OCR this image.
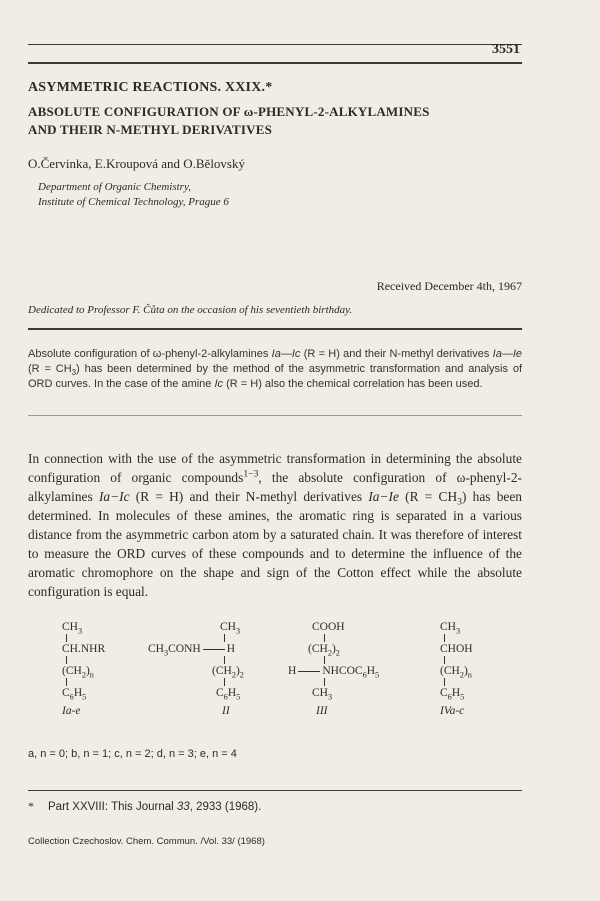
3551
ASYMMETRIC REACTIONS. XXIX.*
ABSOLUTE CONFIGURATION OF ω-PHENYL-2-ALKYLAMINES
AND THEIR N-METHYL DERIVATIVES
O.Červinka, E.Kroupová and O.Bělovský
Department of Organic Chemistry,
Institute of Chemical Technology, Prague 6
Received December 4th, 1967
Dedicated to Professor F. Čůta on the occasion of his seventieth birthday.
Absolute configuration of ω-phenyl-2-alkylamines Ia—Ic (R = H) and their N-methyl derivatives Ia—Ie $(R = CH_3)$ has been determined by the method of the asymmetric transformation and analysis of ORD curves. In the case of the amine Ic (R = H) also the chemical correlation has been used.
In connection with the use of the asymmetric transformation in determining the absolute configuration of organic compounds$^{1-3}$, the absolute configuration of ω-phenyl-2-alkylamines Ia−Ic (R = H) and their N-methyl derivatives Ia−Ie $(R = CH_3)$ has been determined. In molecules of these amines, the aromatic ring is separated in a various distance from the asymmetric carbon atom by a saturated chain. It was therefore of interest to measure the ORD curves of these compounds and to determine the influence of the aromatic chromophore on the shape and sign of the Cotton effect while the absolute configuration is equal.
$CH_3$
CH.NHR
$(CH_2)_n$
$C_6H_5$
Ia-e
$CH_3$
$CH_3CONH$ H
$(CH_2)_2$
$C_6H_5$
II
COOH
$(CH_2)_2$
H $NHCOC_6H_5$
$CH_3$
III
$CH_3$
CHOH
$(CH_2)_n$
$C_6H_5$
IVa-c
a, n = 0; b, n = 1; c, n = 2; d, n = 3; e, n = 4
* Part XXVIII: This Journal 33, 2933 (1968).
Collection Czechoslov. Chem. Commun. /Vol. 33/ (1968)
